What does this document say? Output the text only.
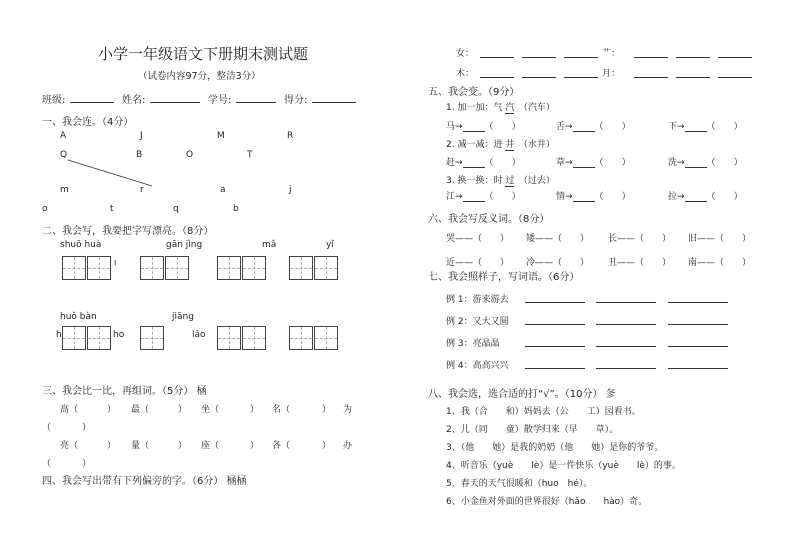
小学一年级语文下册期末测试题
（试卷内容97分，整洁3分）
班级:	姓名:	学号:	得分:
一、我会连。（4分）
A	J	M	R
Q	B	O	T
m	r	a	j
o	t	q	b
二、我会写，我要把字写漂亮。（8分）
shuō huà	gān jìng	mǎ	yǐ
ı
huǒ bàn	jiāng
h	ho	lāo
三、我会比一比，再组词。（5分） 㮀
高（	） 最（	） 坐（	） 名（	） 为
（	）
亮（	） 量（	） 座（	） 各（	） 办
（	）
四、我会写出带有下列偏旁的字。（6分） 㮀㮀
女：	艹：
木：	月：
五、我会变。（9分）
1. 加一加：气 汽　 （汽车）
马→ （　　 ）	舌→ （　　 ）	下→ （　　 ）
2. 减一减：进 井　 （水井）
赶→ （　　 ）	草→ （　　 ）	洗→ （　　 ）
3. 换一换：时 过　 （过去）
江→ （　　 ）	情→ （　　 ）	拉→ （　　 ）
六、我会写反义词。（8分）
哭——（　　 ） 矮——（　　 ） 长——（　　 ） 旧——（　　 ）
近——（　　 ） 冷——（　　 ） 丑——（　　 ） 南——（　　 ）
七、我会照样子，写词语。（6分）
例 1：游来游去
例 2：又大又圆
例 3：亮晶晶
例 4：高高兴兴
八、我会选，选合适的打“√”。（10分） 㣊
1、我（合　　和）妈妈去（公　　工）园看书。
2、儿（同　　童）散学归来（早　　草）。
3、（他　　她）是我的奶奶（他　　她）是你的爷爷。
4、听音乐（yuè　　lè）是一件快乐（yuè　　lè）的事。
5、春天的天气很暖和（huo　hé）。
6、小金鱼对外面的世界很好（hǎo　　hào）奇。
